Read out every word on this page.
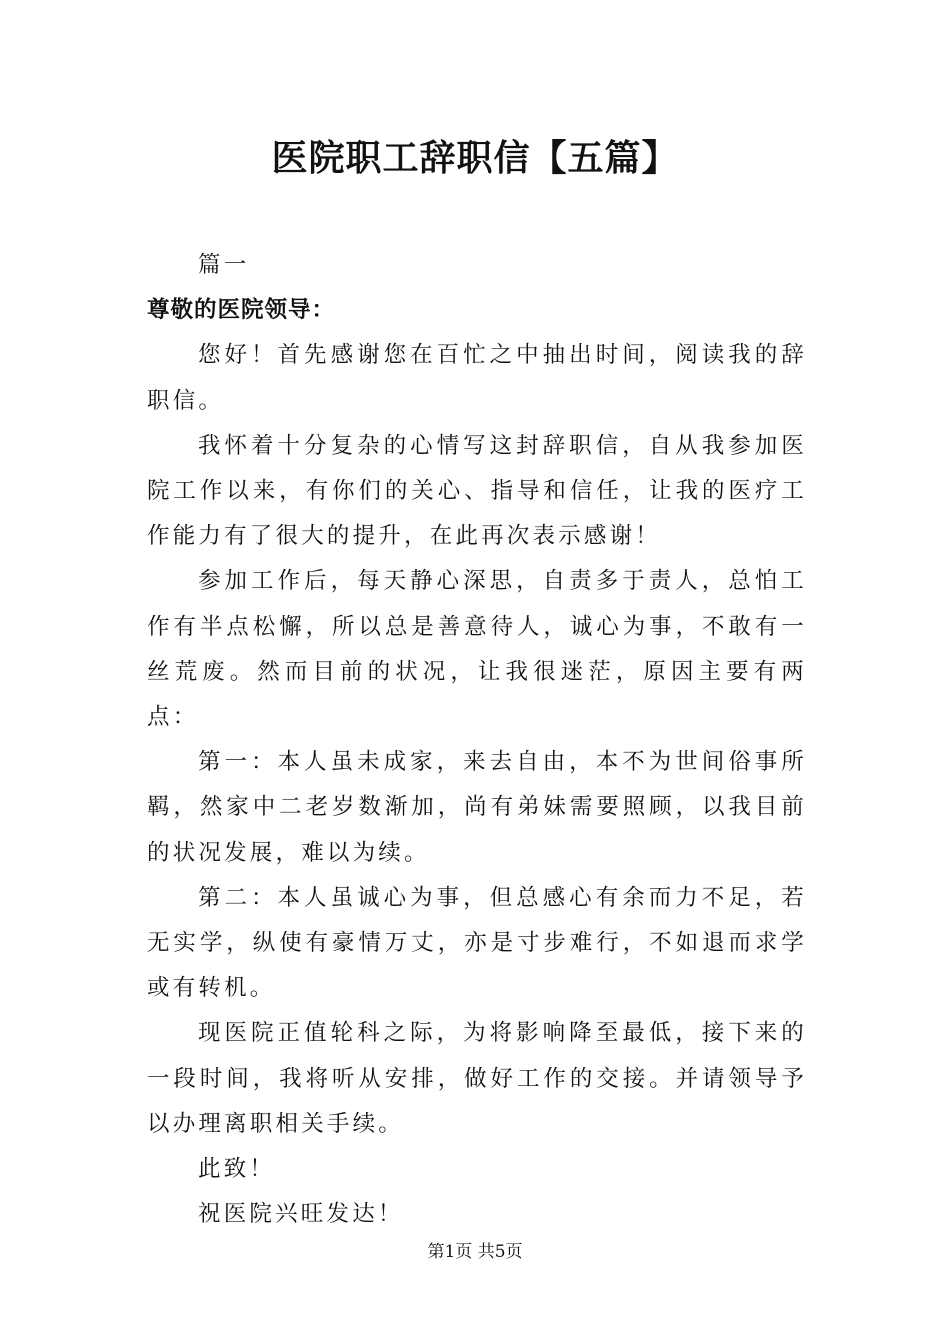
医院职工辞职信【五篇】

篇一

尊敬的医院领导：

您好！首先感谢您在百忙之中抽出时间，阅读我的辞职信。

我怀着十分复杂的心情写这封辞职信，自从我参加医院工作以来，有你们的关心、指导和信任，让我的医疗工作能力有了很大的提升，在此再次表示感谢！

参加工作后，每天静心深思，自责多于责人，总怕工作有半点松懈，所以总是善意待人，诚心为事，不敢有一丝荒废。然而目前的状况，让我很迷茫，原因主要有两点：

第一：本人虽未成家，来去自由，本不为世间俗事所羁，然家中二老岁数渐加，尚有弟妹需要照顾，以我目前的状况发展，难以为续。

第二：本人虽诚心为事，但总感心有余而力不足，若无实学，纵使有豪情万丈，亦是寸步难行，不如退而求学或有转机。

现医院正值轮科之际，为将影响降至最低，接下来的一段时间，我将听从安排，做好工作的交接。并请领导予以办理离职相关手续。

此致！

祝医院兴旺发达！

第1页 共5页
